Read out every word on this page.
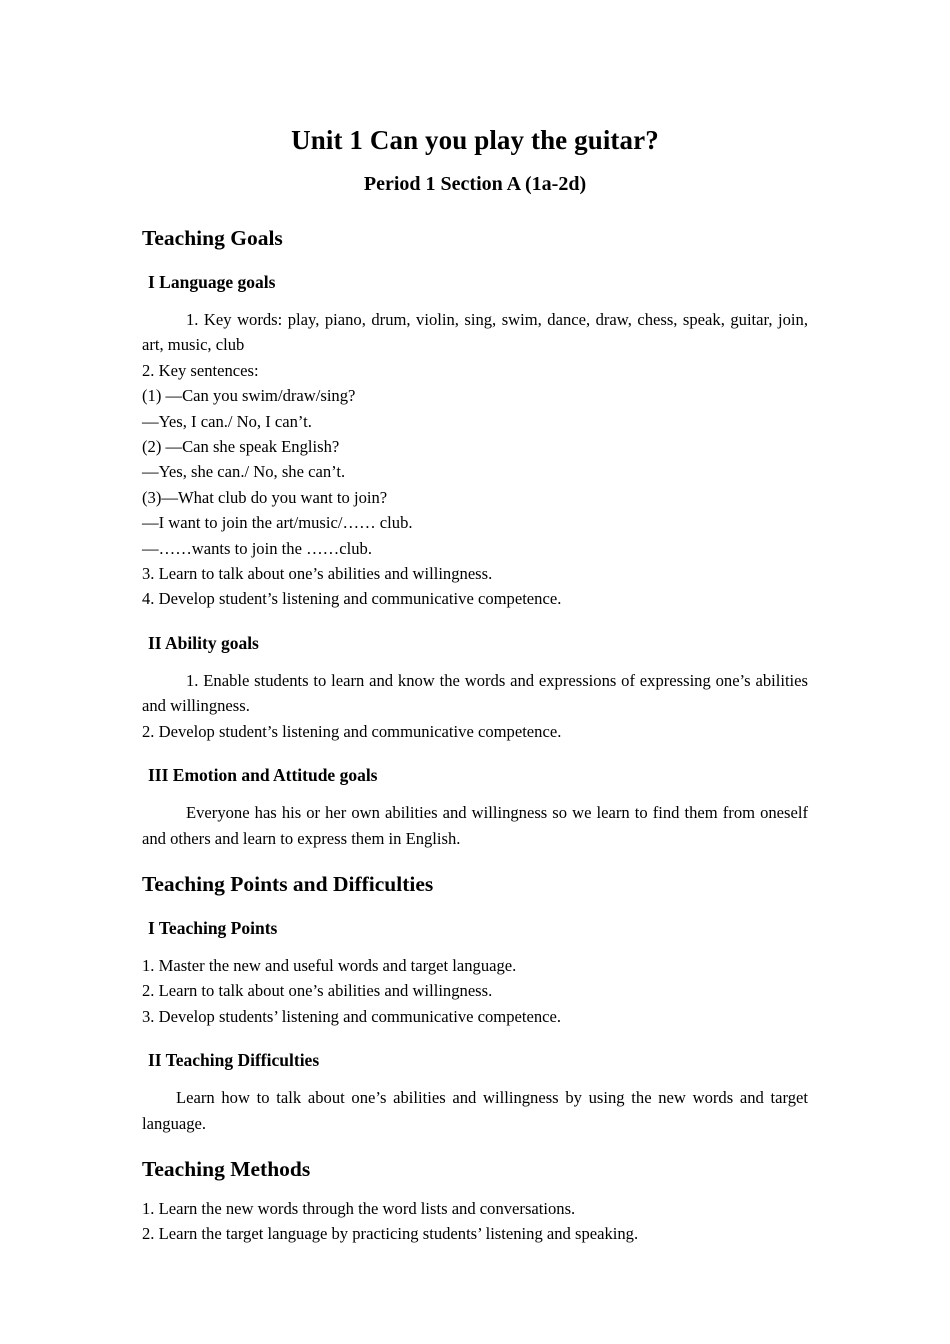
Unit 1 Can you play the guitar?
Period 1 Section A (1a-2d)
Teaching Goals
I Language goals

1. Key words: play, piano, drum, violin, sing, swim, dance, draw, chess, speak, guitar, join, art, music, club

2. Key sentences:

(1) —Can you swim/draw/sing?

—Yes, I can./ No, I can’t.

(2) —Can she speak English?

—Yes, she can./ No, she can’t.

(3)—What club do you want to join?

—I want to join the art/music/…… club.

—……wants to join the ……club.

3. Learn to talk about one’s abilities and willingness.

4. Develop student’s listening and communicative competence.

II Ability goals

1. Enable students to learn and know the words and expressions of expressing one’s abilities and willingness.

2. Develop student’s listening and communicative competence.

III Emotion and Attitude goals

Everyone has his or her own abilities and willingness so we learn to find them from oneself and others and learn to express them in English.

Teaching Points and Difficulties
I Teaching Points

1. Master the new and useful words and target language.

2. Learn to talk about one’s abilities and willingness.

3. Develop students’ listening and communicative competence.

II Teaching Difficulties

Learn how to talk about one’s abilities and willingness by using the new words and target language.

Teaching Methods

1. Learn the new words through the word lists and conversations.

2. Learn the target language by practicing students’ listening and speaking.
